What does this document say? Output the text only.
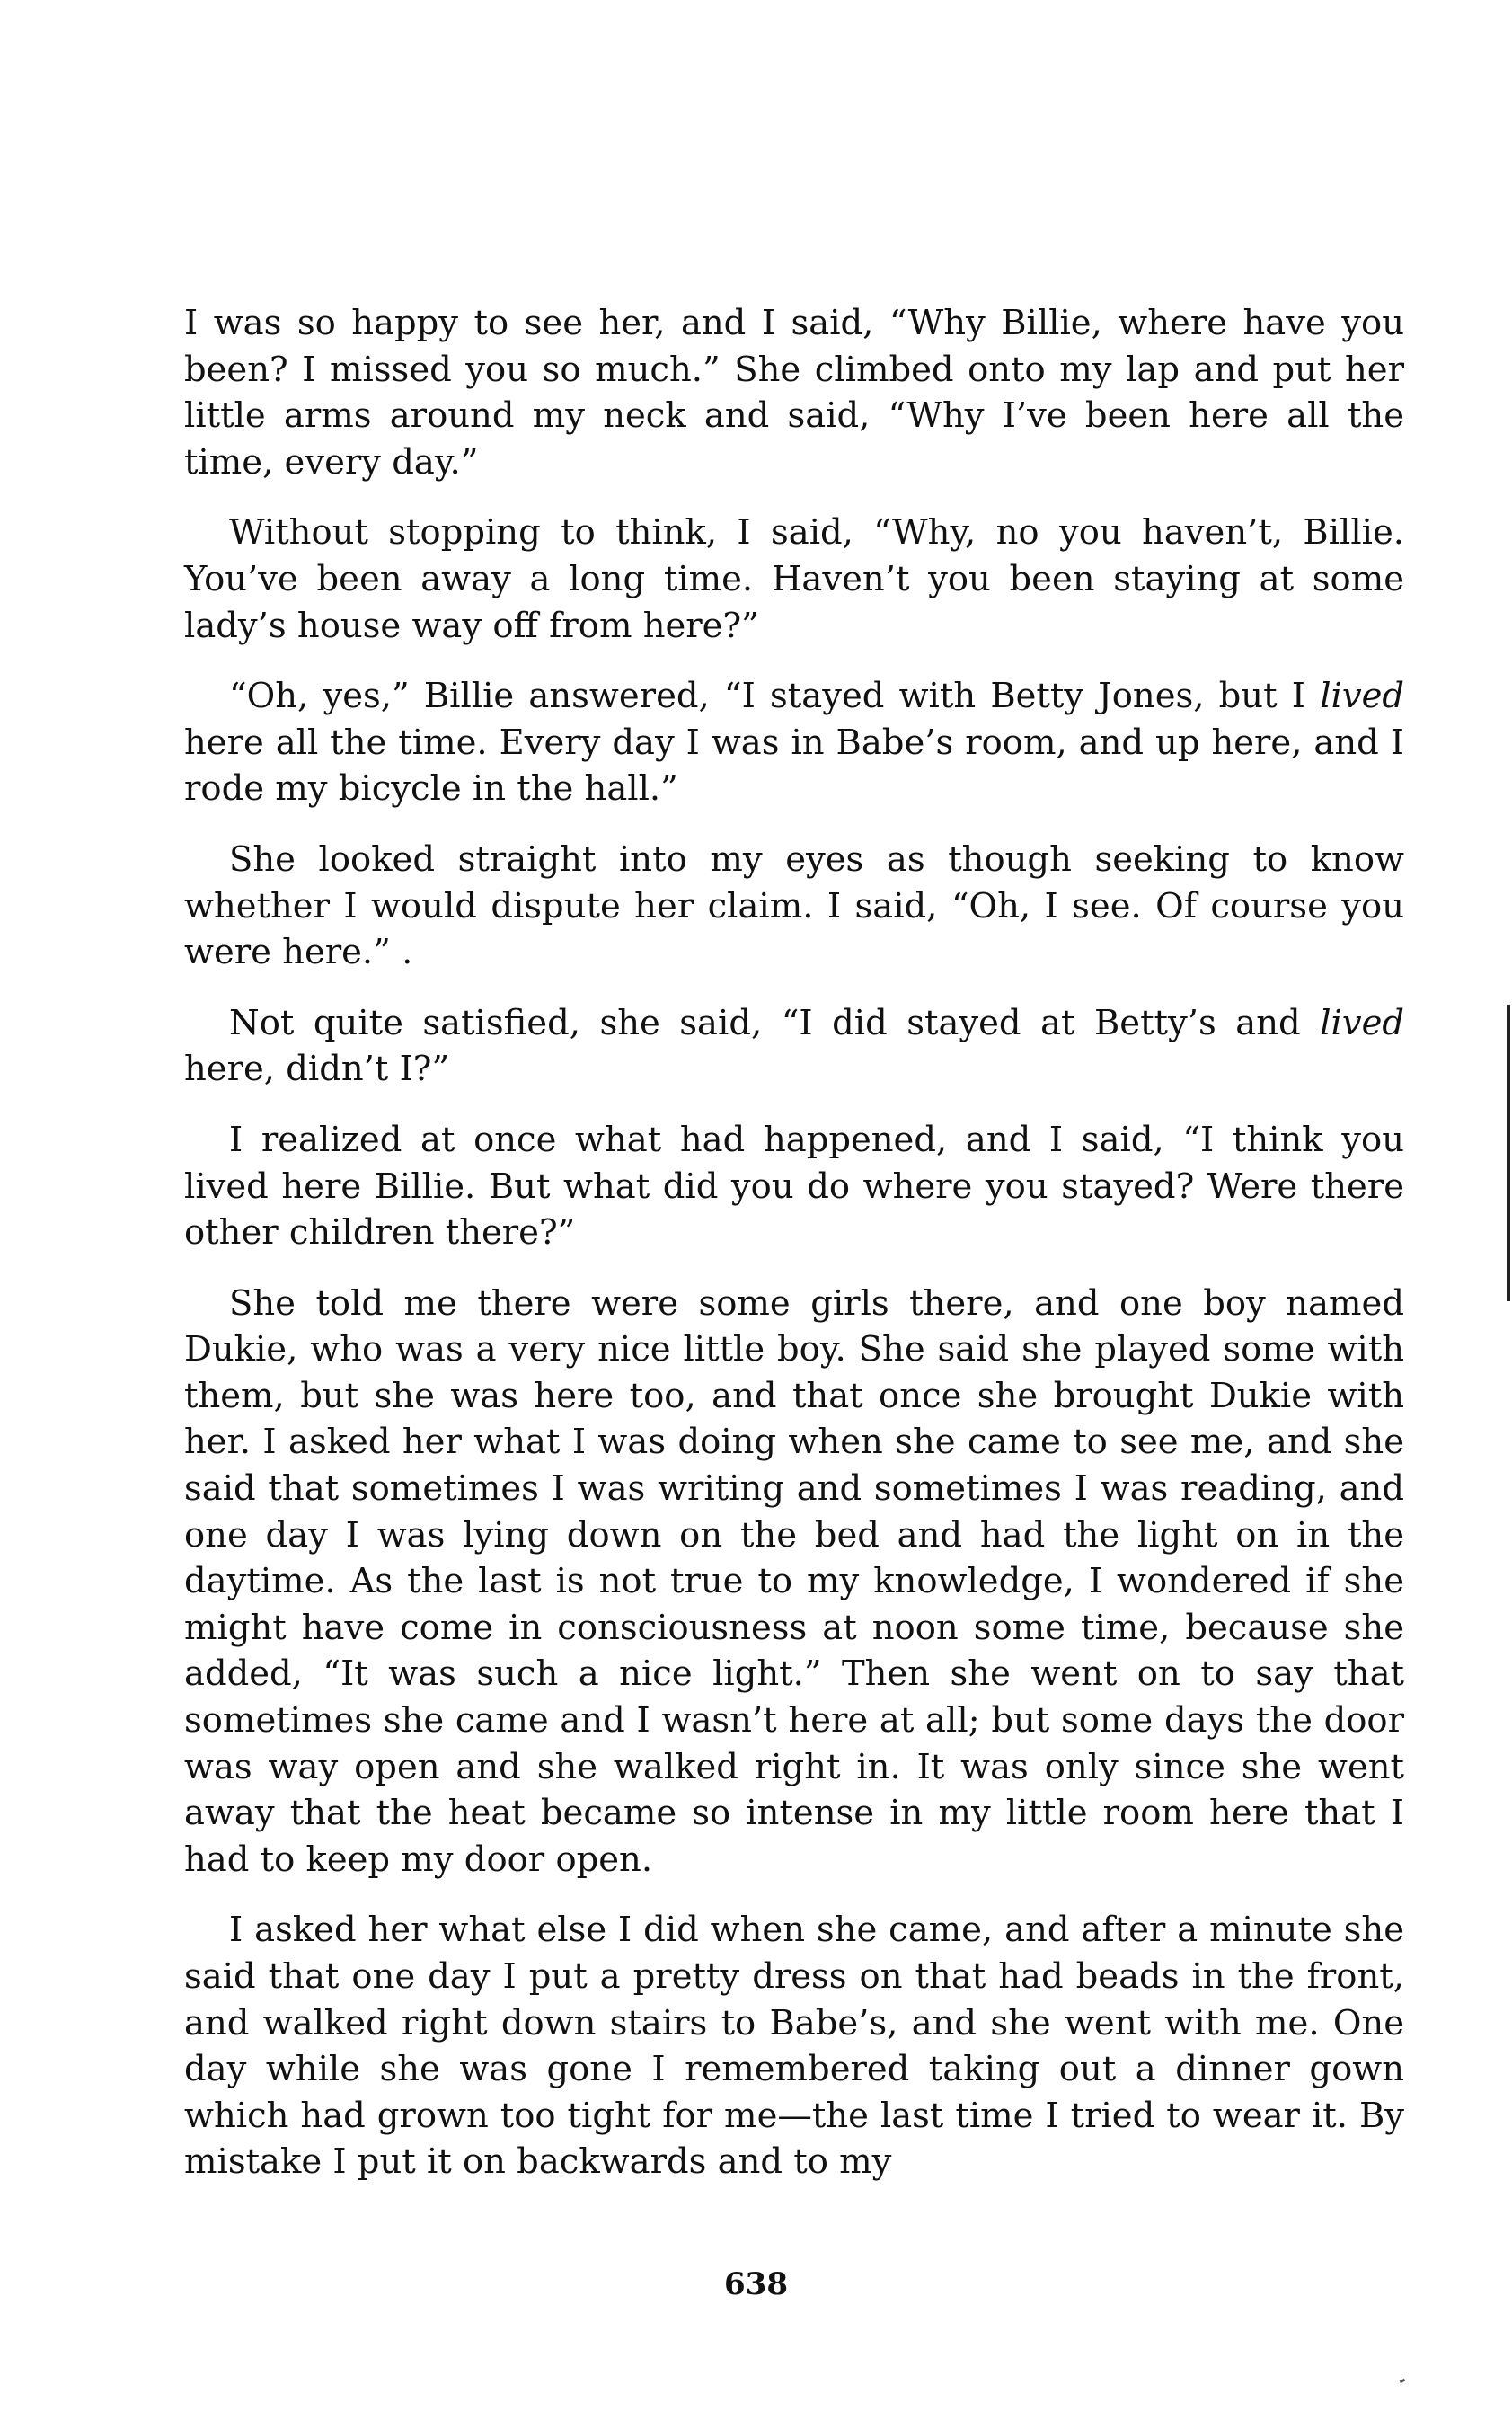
I was so happy to see her, and I said, “Why Billie, where have you been? I missed you so much.” She climbed onto my lap and put her little arms around my neck and said, “Why I’ve been here all the time, every day.”

Without stopping to think, I said, “Why, no you haven’t, Billie. You’ve been away a long time. Haven’t you been staying at some lady’s house way off from here?”

“Oh, yes,” Billie answered, “I stayed with Betty Jones, but I lived here all the time. Every day I was in Babe’s room, and up here, and I rode my bicycle in the hall.”

She looked straight into my eyes as though seeking to know whether I would dispute her claim. I said, “Oh, I see. Of course you were here.” .

Not quite satisfied, she said, “I did stayed at Betty’s and lived here, didn’t I?”

I realized at once what had happened, and I said, “I think you lived here Billie. But what did you do where you stayed? Were there other children there?”

She told me there were some girls there, and one boy named Dukie, who was a very nice little boy. She said she played some with them, but she was here too, and that once she brought Dukie with her. I asked her what I was doing when she came to see me, and she said that sometimes I was writing and sometimes I was reading, and one day I was lying down on the bed and had the light on in the daytime. As the last is not true to my knowledge, I wondered if she might have come in consciousness at noon some time, because she added, “It was such a nice light.” Then she went on to say that sometimes she came and I wasn’t here at all; but some days the door was way open and she walked right in. It was only since she went away that the heat became so intense in my little room here that I had to keep my door open.

I asked her what else I did when she came, and after a minute she said that one day I put a pretty dress on that had beads in the front, and walked right down stairs to Babe’s, and she went with me. One day while she was gone I remembered taking out a dinner gown which had grown too tight for me—the last time I tried to wear it. By mistake I put it on backwards and to my

638
